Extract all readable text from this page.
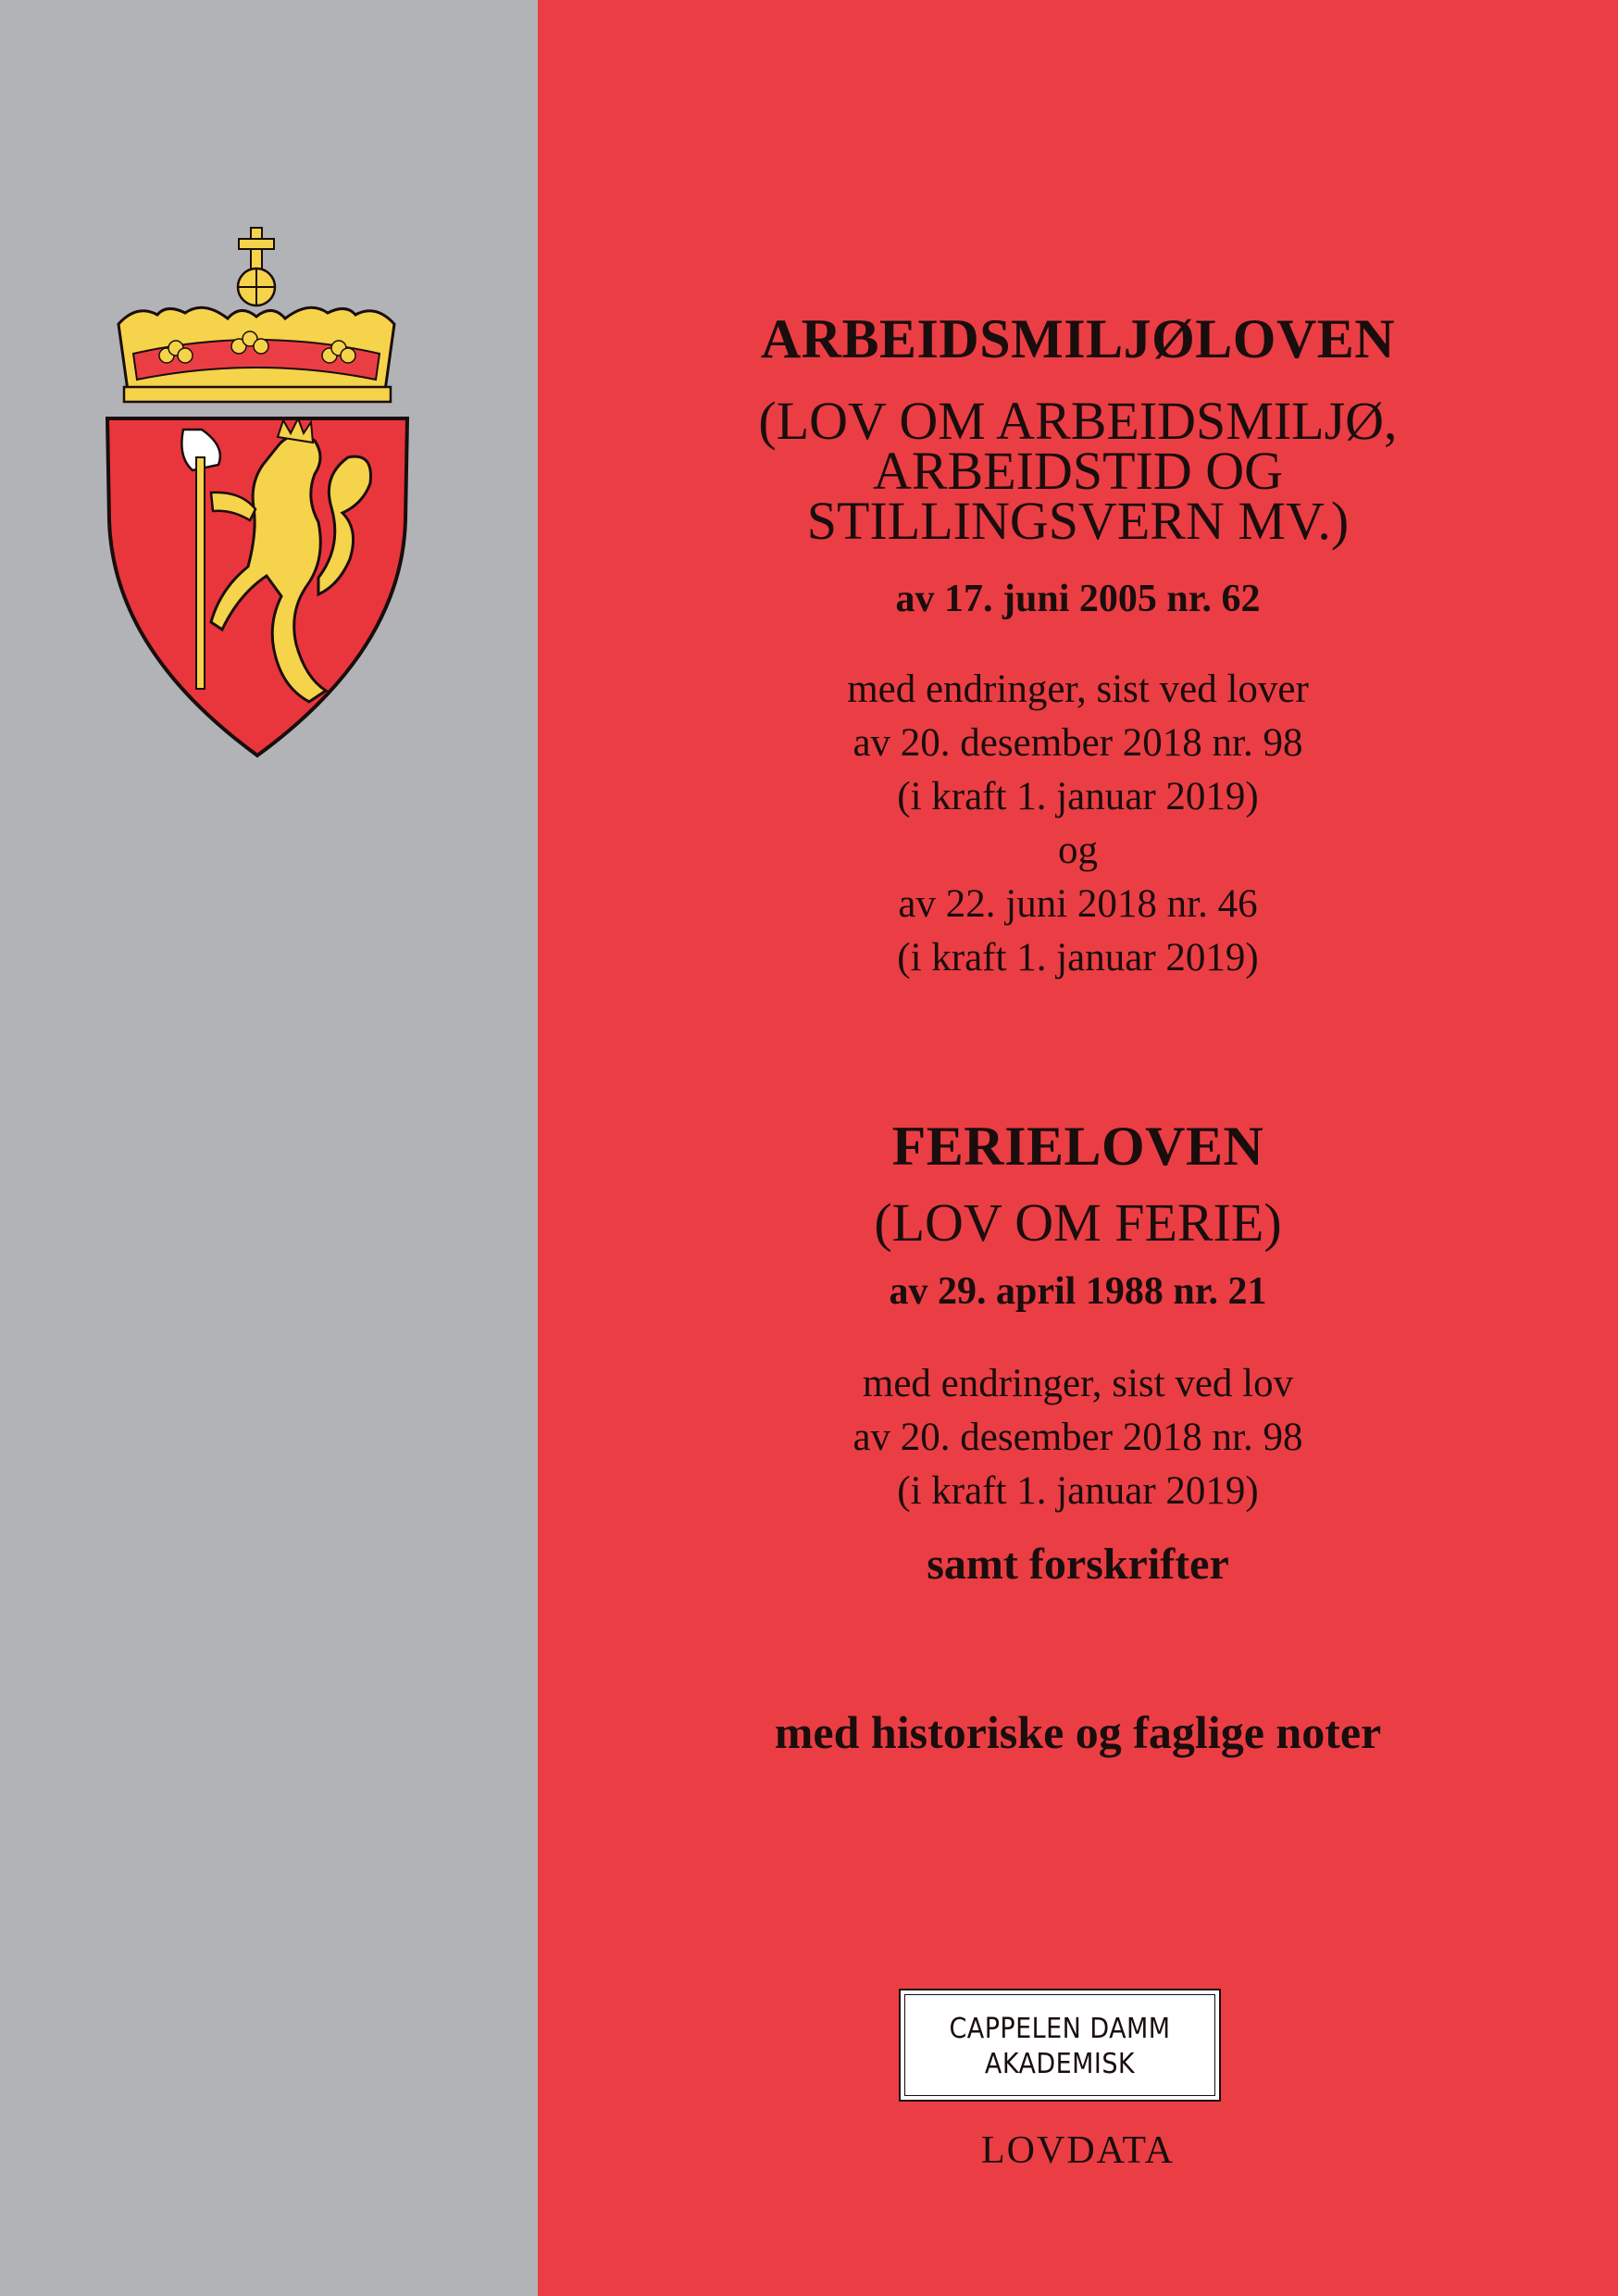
ARBEIDSMILJØLOVEN
(LOV OM ARBEIDSMILJØ,
ARBEIDSTID OG
STILLINGSVERN MV.)
av 17. juni 2005 nr. 62
med endringer, sist ved lover
av 20. desember 2018 nr. 98
(i kraft 1. januar 2019)
og
av 22. juni 2018 nr. 46
(i kraft 1. januar 2019)
FERIELOVEN
(LOV OM FERIE)
av 29. april 1988 nr. 21
med endringer, sist ved lov
av 20. desember 2018 nr. 98
(i kraft 1. januar 2019)
samt forskrifter
med historiske og faglige noter
CAPPELEN DAMM
AKADEMISK
LOVDATA
